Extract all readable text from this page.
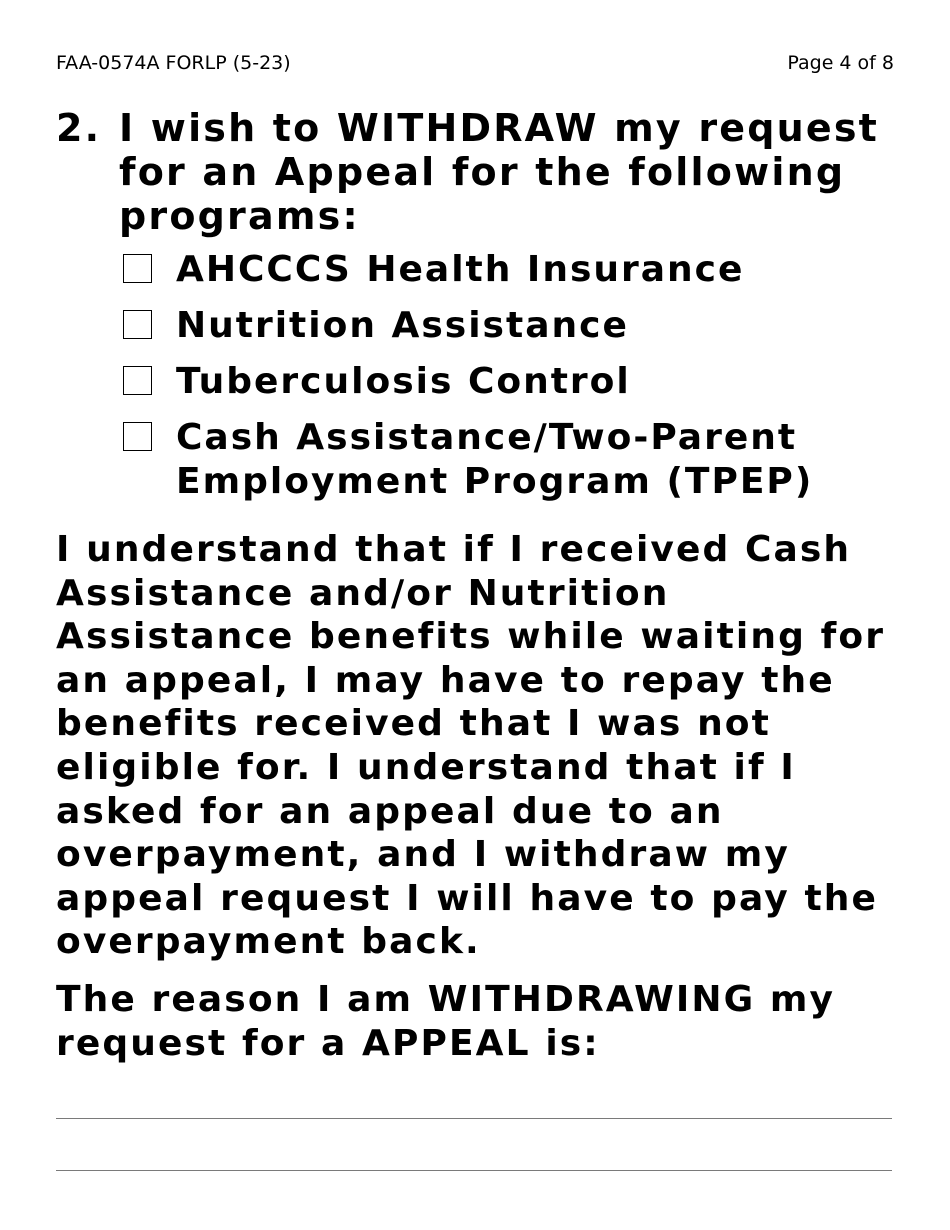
FAA-0574A FORLP (5-23)	Page 4 of 8
2. I wish to WITHDRAW my request for an Appeal for the following programs:
AHCCCS Health Insurance
Nutrition Assistance
Tuberculosis Control
Cash Assistance/Two-Parent Employment Program (TPEP)
I understand that if I received Cash Assistance and/or Nutrition Assistance benefits while waiting for an appeal, I may have to repay the benefits received that I was not eligible for. I understand that if I asked for an appeal due to an overpayment, and I withdraw my appeal request I will have to pay the overpayment back.
The reason I am WITHDRAWING my request for a APPEAL is:
